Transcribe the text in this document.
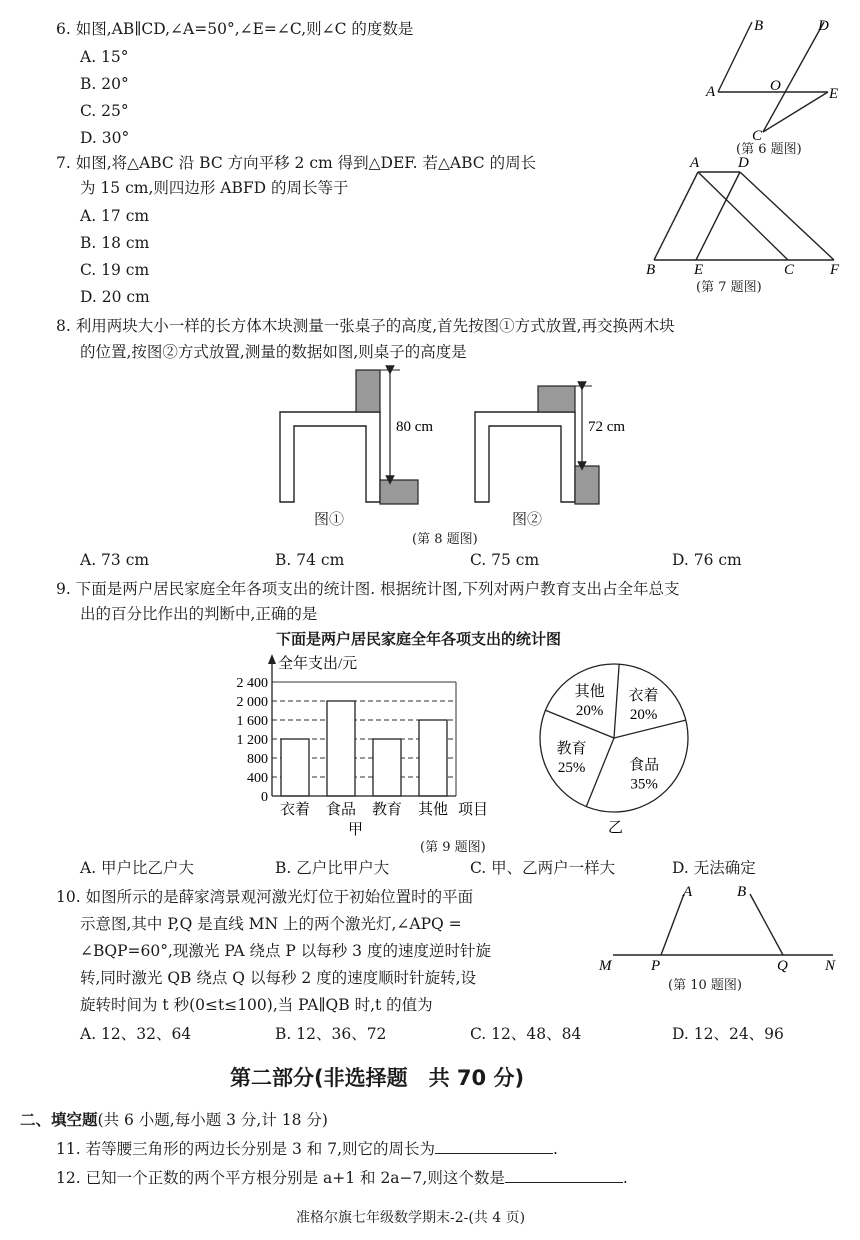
6. 如图,AB∥CD,∠A=50°,∠E=∠C,则∠C 的度数是
A. 15°
B. 20°
C. 25°
D. 30°
A
B
C
D
E
O
(第 6 题图)
7. 如图,将△ABC 沿 BC 方向平移 2 cm 得到△DEF. 若△ABC 的周长
为 15 cm,则四边形 ABFD 的周长等于
A. 17 cm
B. 18 cm
C. 19 cm
D. 20 cm
A	D
B	E	C F
(第 7 题图)
8. 利用两块大小一样的长方体木块测量一张桌子的高度,首先按图①方式放置,再交换两木块
的位置,按图②方式放置,测量的数据如图,则桌子的高度是
80 cm	72 cm
图①	图②
(第 8 题图)
A. 73 cm	B. 74 cm	C. 75 cm	D. 76 cm
9. 下面是两户居民家庭全年各项支出的统计图. 根据统计图,下列对两户教育支出占全年总支
出的百分比作出的判断中,正确的是
下面是两户居民家庭全年各项支出的统计图
0
400
800
1 200
1 600
2 000
2 400
衣着 食品 教育 其他
全年支出/元
项目
甲
衣着
20%
食品
35%
教育
25%
其他
20%
乙
(第 9 题图)
A. 甲户比乙户大	B. 乙户比甲户大	C. 甲、乙两户一样大	D. 无法确定
10. 如图所示的是薛家湾景观河激光灯位于初始位置时的平面
示意图,其中 P,Q 是直线 MN 上的两个激光灯,∠APQ =
∠BQP=60°,现激光 PA 绕点 P 以每秒 3 度的速度逆时针旋
转,同时激光 QB 绕点 Q 以每秒 2 度的速度顺时针旋转,设
旋转时间为 t 秒(0≤t≤100),当 PA∥QB 时,t 的值为
A	B
M	P	Q N
(第 10 题图)
A. 12、32、64	B. 12、36、72	C. 12、48、84	D. 12、24、96
第二部分(非选择题　共 70 分)
二、填空题(共 6 小题,每小题 3 分,计 18 分)
11. 若等腰三角形的两边长分别是 3 和 7,则它的周长为	.
12. 已知一个正数的两个平方根分别是 a+1 和 2a−7,则这个数是	.
准格尔旗七年级数学期末-2-(共 4 页)
